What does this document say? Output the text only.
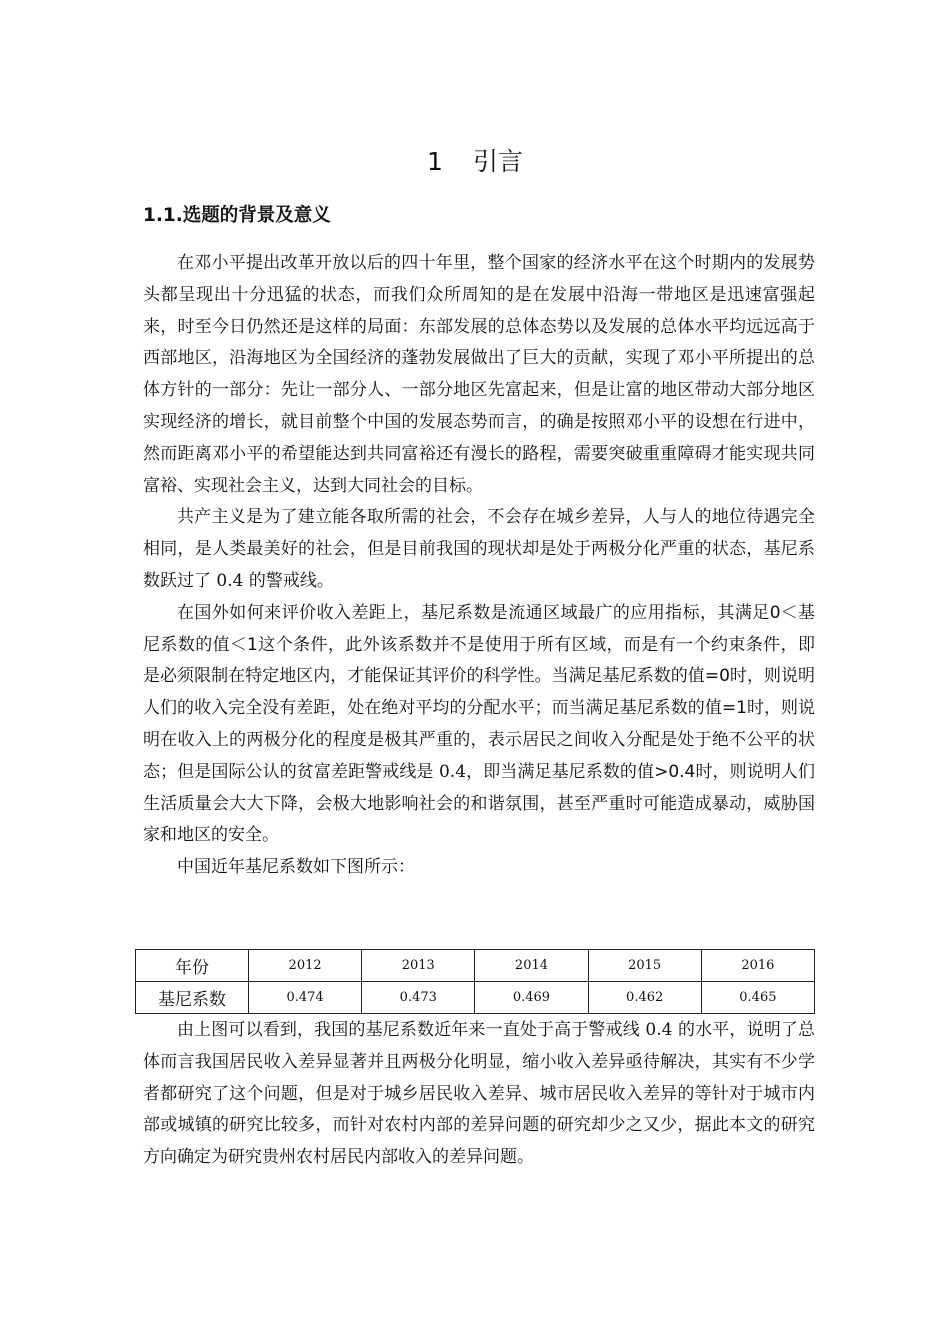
1 引言
1.1.选题的背景及意义

在邓小平提出改革开放以后的四十年里，整个国家的经济水平在这个时期内的发展势头都呈现出十分迅猛的状态，而我们众所周知的是在发展中沿海一带地区是迅速富强起来，时至今日仍然还是这样的局面：东部发展的总体态势以及发展的总体水平均远远高于西部地区，沿海地区为全国经济的蓬勃发展做出了巨大的贡献，实现了邓小平所提出的总体方针的一部分：先让一部分人、一部分地区先富起来，但是让富的地区带动大部分地区实现经济的增长，就目前整个中国的发展态势而言，的确是按照邓小平的设想在行进中，然而距离邓小平的希望能达到共同富裕还有漫长的路程，需要突破重重障碍才能实现共同富裕、实现社会主义，达到大同社会的目标。

共产主义是为了建立能各取所需的社会，不会存在城乡差异，人与人的地位待遇完全相同，是人类最美好的社会，但是目前我国的现状却是处于两极分化严重的状态，基尼系数跃过了 0.4 的警戒线。

在国外如何来评价收入差距上，基尼系数是流通区域最广的应用指标，其满足0＜基尼系数的值＜1这个条件，此外该系数并不是使用于所有区域，而是有一个约束条件，即是必须限制在特定地区内，才能保证其评价的科学性。当满足基尼系数的值=0时，则说明人们的收入完全没有差距，处在绝对平均的分配水平；而当满足基尼系数的值=1时，则说明在收入上的两极分化的程度是极其严重的，表示居民之间收入分配是处于绝不公平的状态；但是国际公认的贫富差距警戒线是 0.4，即当满足基尼系数的值>0.4时，则说明人们生活质量会大大下降，会极大地影响社会的和谐氛围，甚至严重时可能造成暴动，威胁国家和地区的安全。

中国近年基尼系数如下图所示：

年份	2012	2013	2014	2015	2016
基尼系数	0.474	0.473	0.469	0.462	0.465

由上图可以看到，我国的基尼系数近年来一直处于高于警戒线 0.4 的水平，说明了总体而言我国居民收入差异显著并且两极分化明显，缩小收入差异亟待解决，其实有不少学者都研究了这个问题，但是对于城乡居民收入差异、城市居民收入差异的等针对于城市内部或城镇的研究比较多，而针对农村内部的差异问题的研究却少之又少，据此本文的研究方向确定为研究贵州农村居民内部收入的差异问题。
